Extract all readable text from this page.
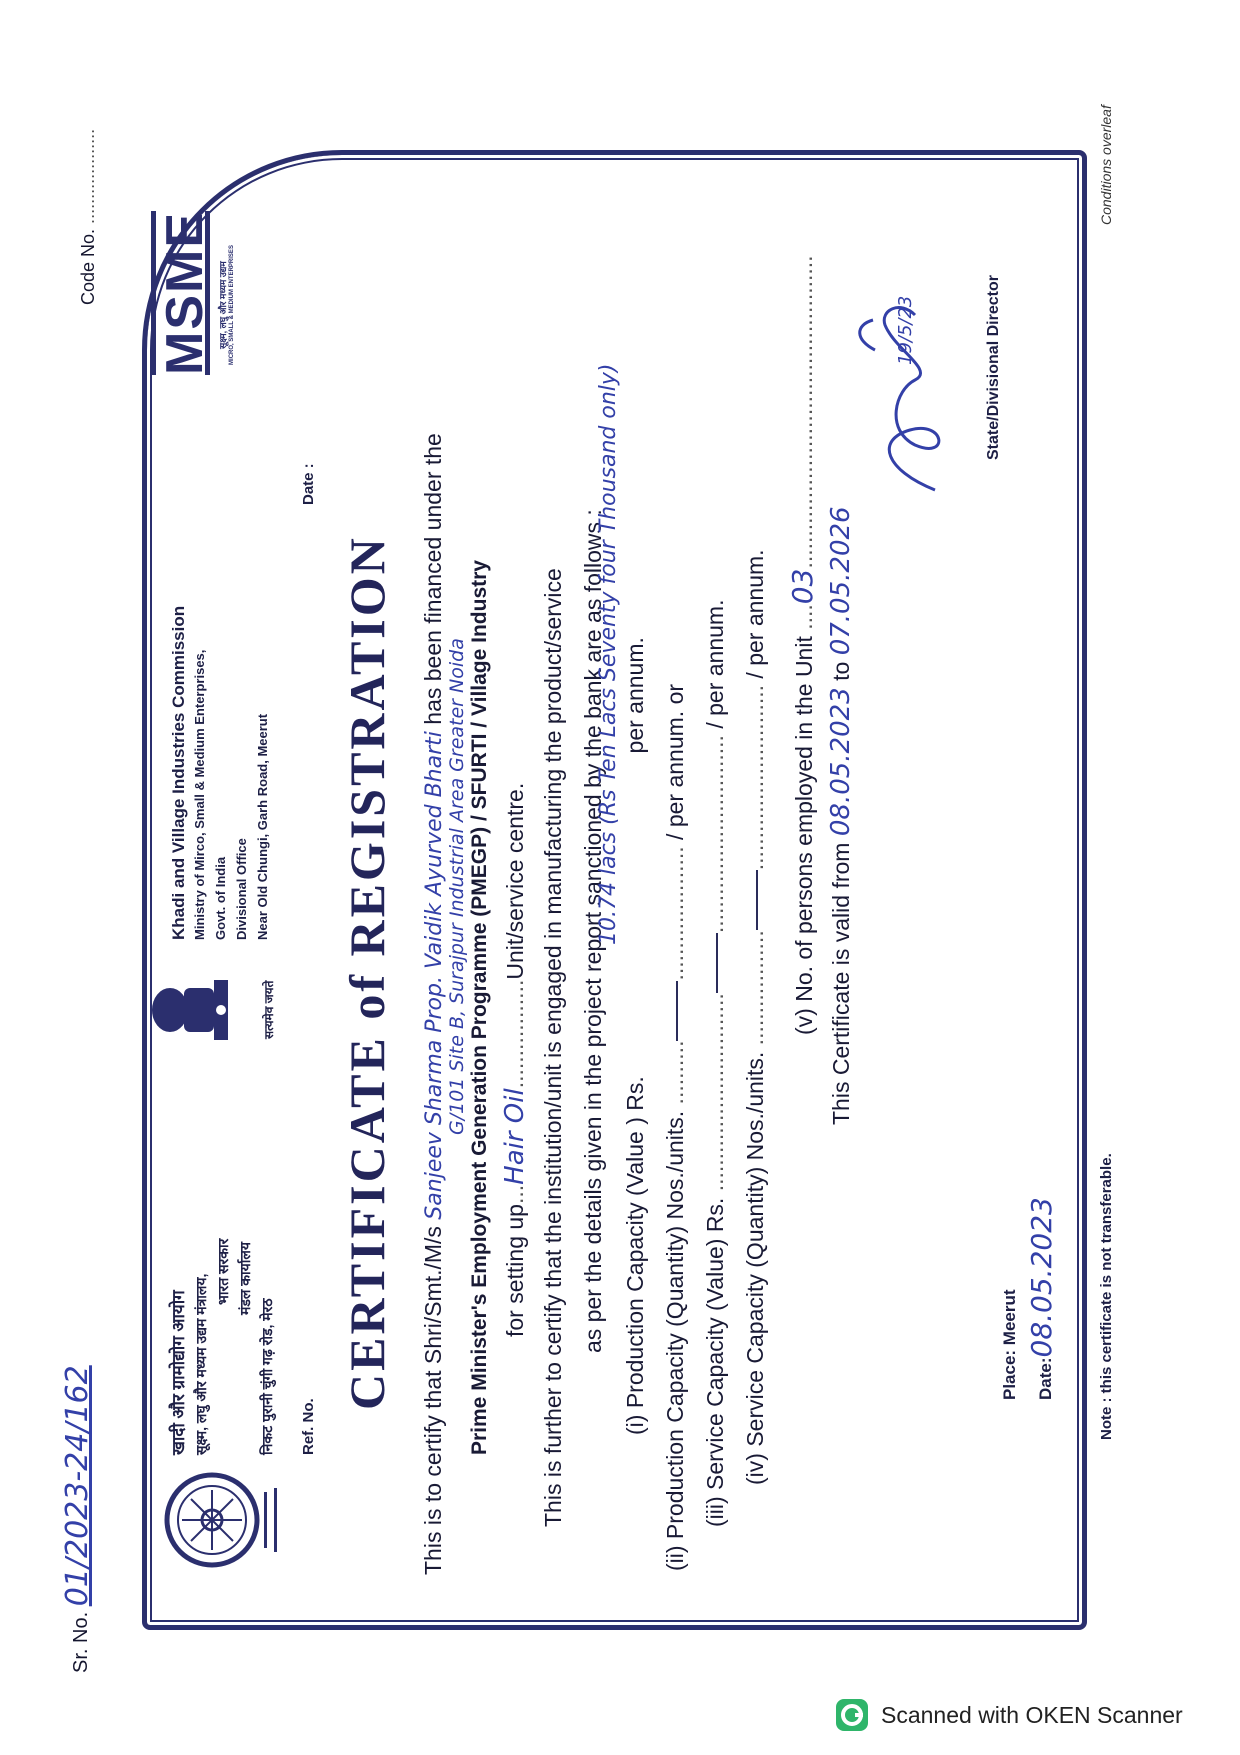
Sr. No. 01/2023-24/162
Code No. ...................
खादी और ग्रामोद्योग आयोग सूक्ष्म, लघु और मध्यम उद्यम मंत्रालय,
भारत सरकार मंडल कार्यालय
निकट पुरानी चुंगी गढ़ रोड, मेरठ
सत्यमेव जयते
Khadi and Village Industries Commission Ministry of Mirco, Small & Medium Enterprises, Govt. of India Divisional Office Near Old Chungi, Garh Road, Meerut
MSME सूक्ष्म, लघु और मध्यम उद्यम MICRO, SMALL & MEDIUM ENTERPRISES
Ref. No.
Date :
CERTIFICATE of REGISTRATION This is to certify that Shri/Smt./M/s Sanjeev Sharma Prop. Vaidik Ayurved Bharti has been financed under the
G/101 Site B, Surajpur Industrial Area Greater Noida Prime Minister's Employment Generation Programme (PMEGP) / SFURTI / Village Industry for setting up...Hair Oil.................Unit/service centre. This is further to certify that the institution/unit is engaged in manufacturing the product/service as per the details given in the project report sanctioned by the bank are as follows :
10.74 lacs (Rs Ten Lacs Seventy four Thousand only)
(i) Production Capacity (Value ) Rs.  per annum.
(ii) Production Capacity (Quantity) Nos./units. ............................... / per annum. or
(iii) Service Capacity (Value) Rs. .............................................................. / per annum.
(iv) Service Capacity (Quantity) Nos./units. ............................................... / per annum.
(v) No. of persons employed in the Unit ....03.................................................
This Certificate is valid from 08.05.2023 to 07.05.2026
Place: Meerut	Date:08.05.2023
19/5/23	State/Divisional Director
Note : this certificate is not transferable.
Conditions overleaf
Scanned with OKEN Scanner
